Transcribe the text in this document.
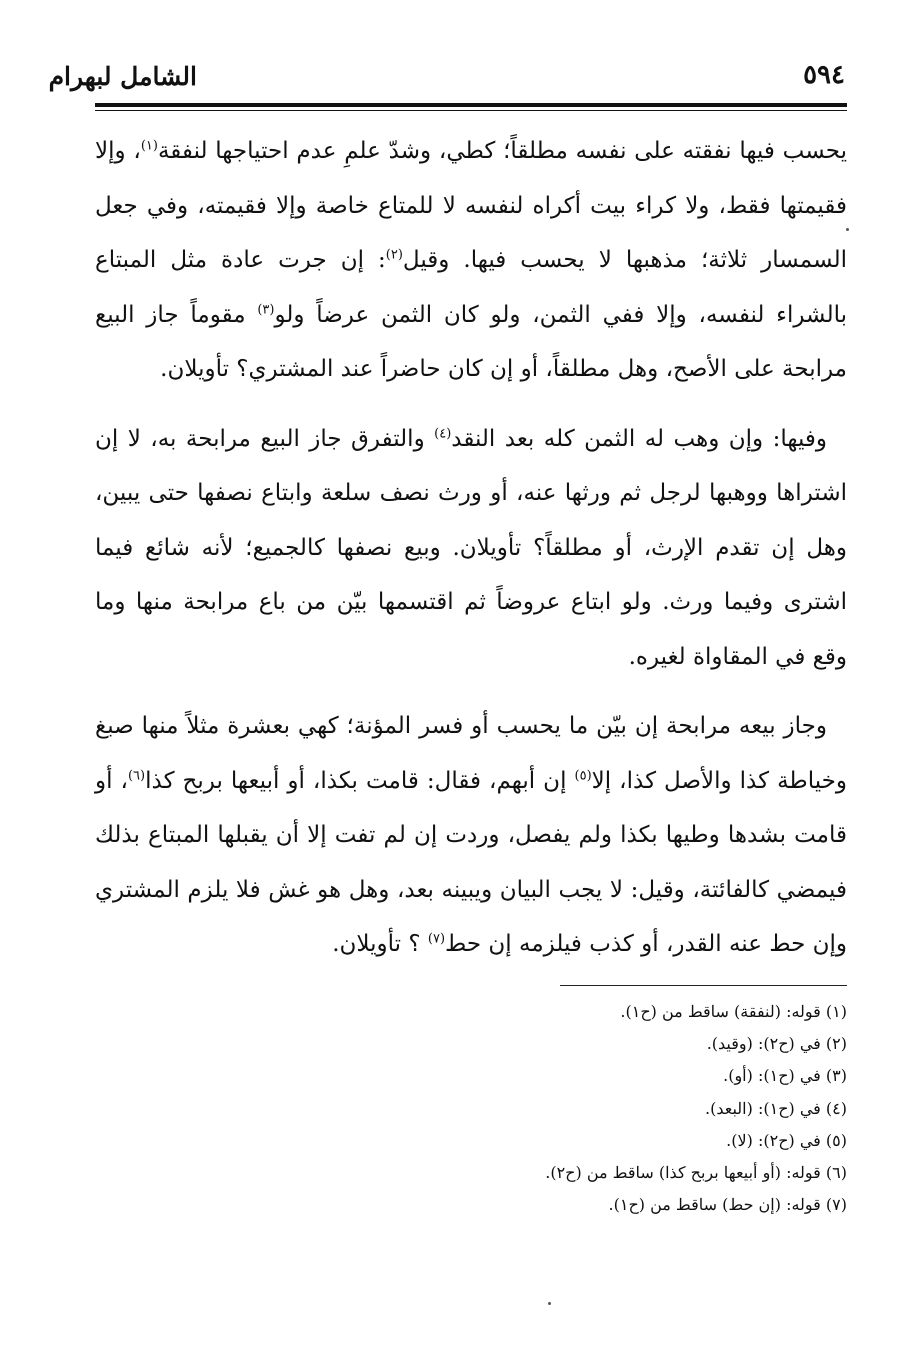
٥٩٤
الشامل لبهرام

يحسب فيها نفقته على نفسه مطلقاً؛ كطي، وشدّ علمِ عدم احتياجها لنفقة$^{(١)}$، وإلا فقيمتها فقط، ولا كراء بيت أكراه لنفسه لا للمتاع خاصة وإلا فقيمته، وفي جعل السمسار ثلاثة؛ مذهبها لا يحسب فيها. وقيل$^{(٢)}$: إن جرت عادة مثل المبتاع بالشراء لنفسه، وإلا ففي الثمن، ولو كان الثمن عرضاً ولو$^{(٣)}$ مقوماً جاز البيع مرابحة على الأصح، وهل مطلقاً، أو إن كان حاضراً عند المشتري؟ تأويلان.

وفيها: وإن وهب له الثمن كله بعد النقد$^{(٤)}$ والتفرق جاز البيع مرابحة به، لا إن اشتراها ووهبها لرجل ثم ورثها عنه، أو ورث نصف سلعة وابتاع نصفها حتى يبين، وهل إن تقدم الإرث، أو مطلقاً؟ تأويلان. وبيع نصفها كالجميع؛ لأنه شائع فيما اشترى وفيما ورث. ولو ابتاع عروضاً ثم اقتسمها بيّن من باع مرابحة منها وما وقع في المقاواة لغيره.

وجاز بيعه مرابحة إن بيّن ما يحسب أو فسر المؤنة؛ كهي بعشرة مثلاً منها صبغ وخياطة كذا والأصل كذا، إلا$^{(٥)}$ إن أبهم، فقال: قامت بكذا، أو أبيعها بربح كذا$^{(٦)}$، أو قامت بشدها وطيها بكذا ولم يفصل، وردت إن لم تفت إلا أن يقبلها المبتاع بذلك فيمضي كالفائتة، وقيل: لا يجب البيان ويبينه بعد، وهل هو غش فلا يلزم المشتري وإن حط عنه القدر، أو كذب فيلزمه إن حط$^{(٧)}$ ؟ تأويلان.

(١) قوله: (لنفقة) ساقط من (ح١).
(٢) في (ح٢): (وقيد).
(٣) في (ح١): (أو).
(٤) في (ح١): (البعد).
(٥) في (ح٢): (لا).
(٦) قوله: (أو أبيعها بربح كذا) ساقط من (ح٢).
(٧) قوله: (إن حط) ساقط من (ح١).
